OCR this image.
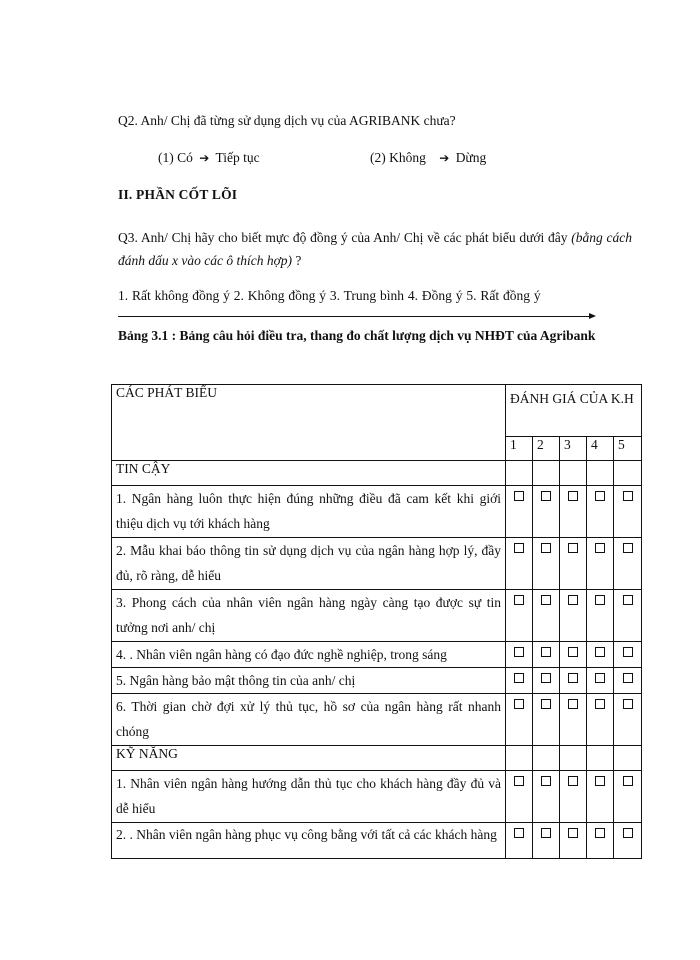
Q2. Anh/ Chị đã từng sử dụng dịch vụ của AGRIBANK chưa?
(1) Có ➔ Tiếp tục	(2) Không ➔ Dừng
II. PHẦN CỐT LÕI
Q3. Anh/ Chị hãy cho biết mực độ đồng ý của Anh/ Chị về các phát biểu dưới đây (bằng cách đánh dấu x vào các ô thích hợp) ?
1. Rất không đồng ý 2. Không đồng ý 3. Trung bình 4. Đồng ý 5. Rất đồng ý
Bảng 3.1 : Bảng câu hỏi điều tra, thang đo chất lượng dịch vụ NHĐT của Agribank
CÁC PHÁT BIỂU	ĐÁNH GIÁ CỦA K.H				
	1	2	3	4	5
TIN CẬY					
1. Ngân hàng luôn thực hiện đúng những điều đã cam kết khi giới thiệu dịch vụ tới khách hàng					
2. Mẫu khai báo thông tin sử dụng dịch vụ của ngân hàng hợp lý, đầy đủ, rõ ràng, dễ hiểu					
3. Phong cách của nhân viên ngân hàng ngày càng tạo được sự tin tưởng nơi anh/ chị					
4. . Nhân viên ngân hàng có đạo đức nghề nghiệp, trong sáng					
5. Ngân hàng bảo mật thông tin của anh/ chị					
6. Thời gian chờ đợi xử lý thủ tục, hồ sơ của ngân hàng rất nhanh chóng					
KỸ NĂNG					
1. Nhân viên ngân hàng hướng dẫn thủ tục cho khách hàng đầy đủ và dễ hiểu					
2. . Nhân viên ngân hàng phục vụ công bằng với tất cả các khách hàng					
